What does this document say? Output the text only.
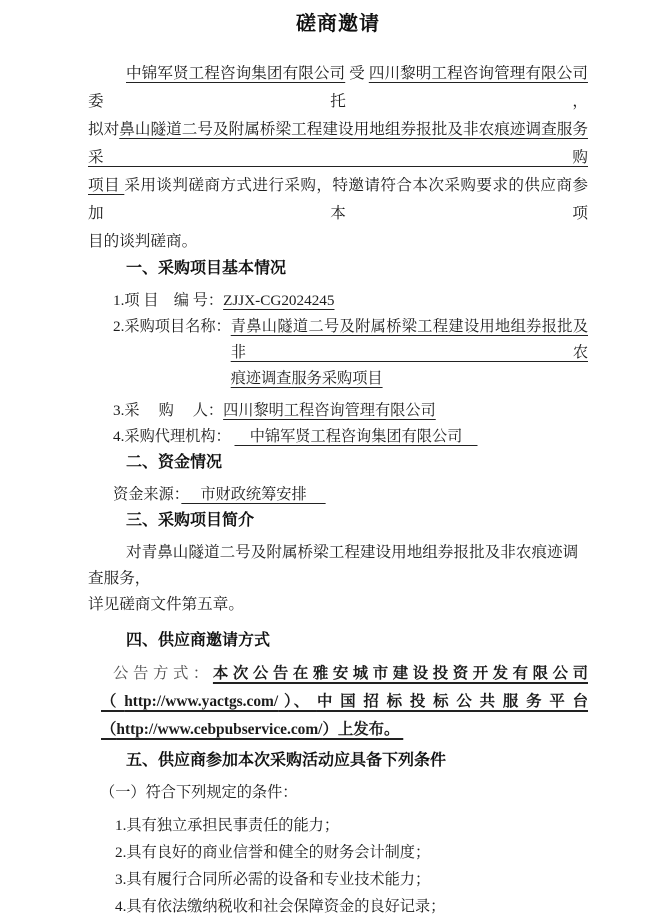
磋商邀请
中锦军贤工程咨询集团有限公司 受 四川黎明工程咨询管理有限公司委托，
拟对鼻山隧道二号及附属桥梁工程建设用地组券报批及非农痕迹调查服务采购
项目 采用谈判磋商方式进行采购，特邀请符合本次采购要求的供应商参加本项
目的谈判磋商。
一、采购项目基本情况
1.项 目　编 号：ZJJX-CG2024245
2.采购项目名称： 青鼻山隧道二号及附属桥梁工程建设用地组券报批及非农
痕迹调查服务采购项目
3.采　 购　 人：四川黎明工程咨询管理有限公司
4.采购代理机构： 　中锦军贤工程咨询集团有限公司　
二、资金情况
资金来源：　 市财政统筹安排 　
三、采购项目简介
对青鼻山隧道二号及附属桥梁工程建设用地组券报批及非农痕迹调查服务，
详见磋商文件第五章。
四、供应商邀请方式
公 告 方 式 ： 本 次 公 告 在 雅 安 城 市 建 设 投 资 开 发 有 限 公 司
（ http://www.yactgs.com/ ）、 中 国 招 标 投 标 公 共 服 务 平 台
（http://www.cebpubservice.com/）上发布。
五、供应商参加本次采购活动应具备下列条件
（一）符合下列规定的条件：
1.具有独立承担民事责任的能力；
2.具有良好的商业信誉和健全的财务会计制度；
3.具有履行合同所必需的设备和专业技术能力；
4.具有依法缴纳税收和社会保障资金的良好记录；
